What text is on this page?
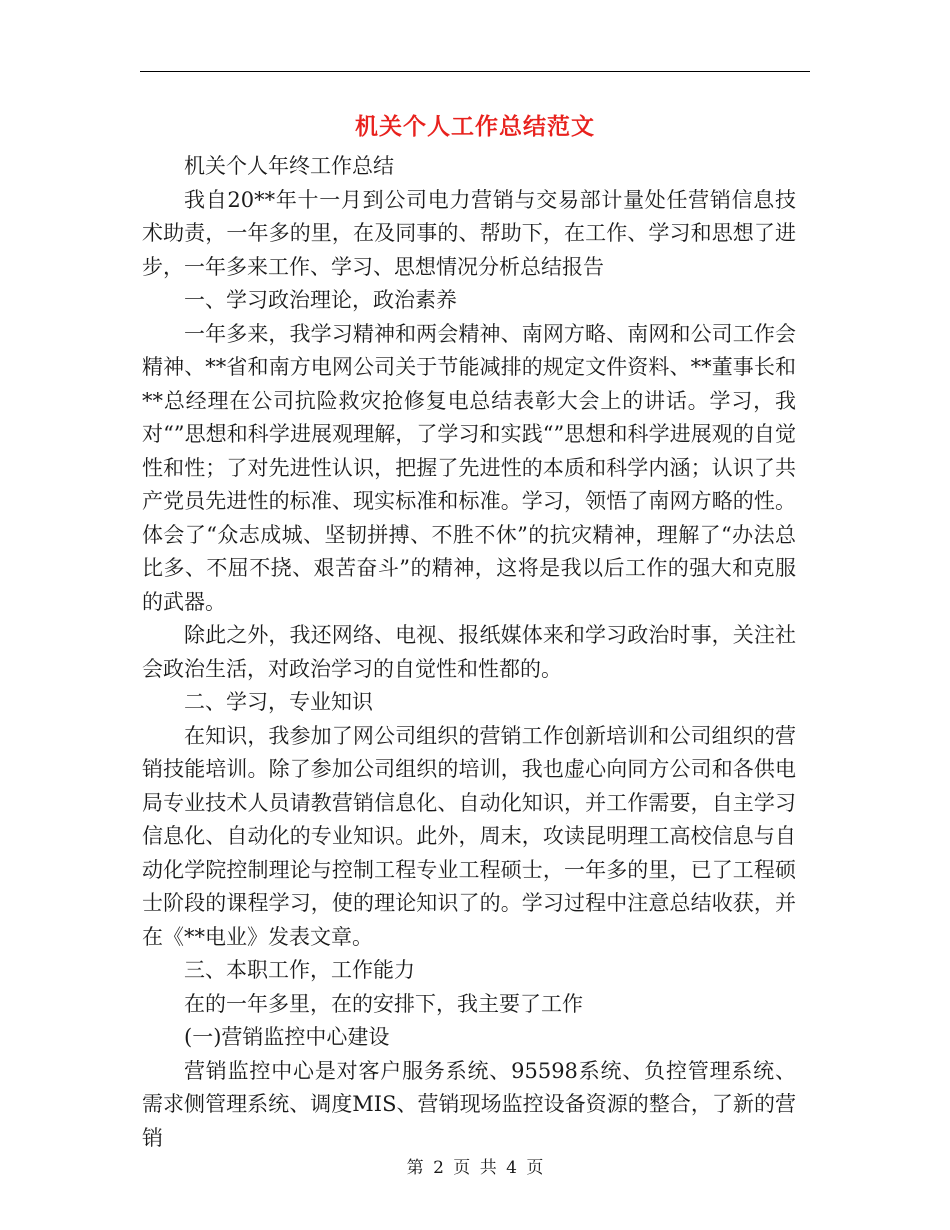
机关个人工作总结范文

机关个人年终工作总结

我自20**年十一月到公司电力营销与交易部计量处任营销信息技术助责，一年多的里，在及同事的、帮助下，在工作、学习和思想了进步，一年多来工作、学习、思想情况分析总结报告

一、学习政治理论，政治素养

一年多来，我学习精神和两会精神、南网方略、南网和公司工作会精神、**省和南方电网公司关于节能减排的规定文件资料、**董事长和**总经理在公司抗险救灾抢修复电总结表彰大会上的讲话。学习，我对“”思想和科学进展观理解，了学习和实践“”思想和科学进展观的自觉性和性；了对先进性认识，把握了先进性的本质和科学内涵；认识了共产党员先进性的标准、现实标准和标准。学习，领悟了南网方略的性。体会了“众志成城、坚韧拼搏、不胜不休”的抗灾精神，理解了“办法总比多、不屈不挠、艰苦奋斗”的精神，这将是我以后工作的强大和克服的武器。

除此之外，我还网络、电视、报纸媒体来和学习政治时事，关注社会政治生活，对政治学习的自觉性和性都的。

二、学习，专业知识

在知识，我参加了网公司组织的营销工作创新培训和公司组织的营销技能培训。除了参加公司组织的培训，我也虚心向同方公司和各供电局专业技术人员请教营销信息化、自动化知识，并工作需要，自主学习信息化、自动化的专业知识。此外，周末，攻读昆明理工高校信息与自动化学院控制理论与控制工程专业工程硕士，一年多的里，已了工程硕士阶段的课程学习，使的理论知识了的。学习过程中注意总结收获，并在《**电业》发表文章。

三、本职工作，工作能力

在的一年多里，在的安排下，我主要了工作

(一)营销监控中心建设

营销监控中心是对客户服务系统、95598系统、负控管理系统、需求侧管理系统、调度MIS、营销现场监控设备资源的整合，了新的营销

第 2 页 共 4 页
